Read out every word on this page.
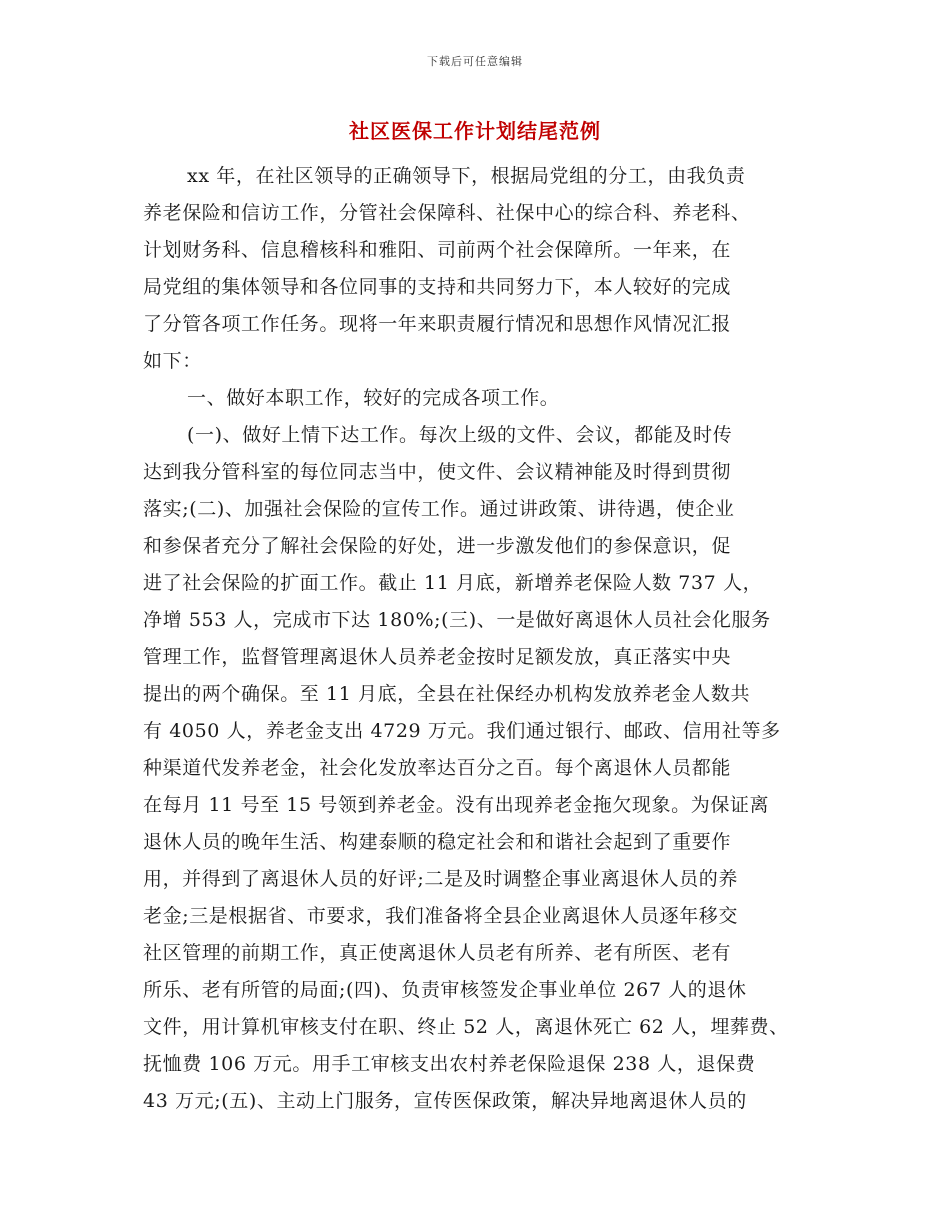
下载后可任意编辑
社区医保工作计划结尾范例
xx 年，在社区领导的正确领导下，根据局党组的分工，由我负责
养老保险和信访工作，分管社会保障科、社保中心的综合科、养老科、
计划财务科、信息稽核科和雅阳、司前两个社会保障所。一年来，在
局党组的集体领导和各位同事的支持和共同努力下，本人较好的完成
了分管各项工作任务。现将一年来职责履行情况和思想作风情况汇报
如下：
一、做好本职工作，较好的完成各项工作。
(一)、做好上情下达工作。每次上级的文件、会议，都能及时传
达到我分管科室的每位同志当中，使文件、会议精神能及时得到贯彻
落实;(二)、加强社会保险的宣传工作。通过讲政策、讲待遇，使企业
和参保者充分了解社会保险的好处，进一步激发他们的参保意识，促
进了社会保险的扩面工作。截止 11 月底，新增养老保险人数 737 人，
净增 553 人，完成市下达 180%;(三)、一是做好离退休人员社会化服务
管理工作，监督管理离退休人员养老金按时足额发放，真正落实中央
提出的两个确保。至 11 月底，全县在社保经办机构发放养老金人数共
有 4050 人，养老金支出 4729 万元。我们通过银行、邮政、信用社等多
种渠道代发养老金，社会化发放率达百分之百。每个离退休人员都能
在每月 11 号至 15 号领到养老金。没有出现养老金拖欠现象。为保证离
退休人员的晚年生活、构建泰顺的稳定社会和和谐社会起到了重要作
用，并得到了离退休人员的好评;二是及时调整企事业离退休人员的养
老金;三是根据省、市要求，我们准备将全县企业离退休人员逐年移交
社区管理的前期工作，真正使离退休人员老有所养、老有所医、老有
所乐、老有所管的局面;(四)、负责审核签发企事业单位 267 人的退休
文件，用计算机审核支付在职、终止 52 人，离退休死亡 62 人，埋葬费、
抚恤费 106 万元。用手工审核支出农村养老保险退保 238 人，退保费
43 万元;(五)、主动上门服务，宣传医保政策，解决异地离退休人员的
